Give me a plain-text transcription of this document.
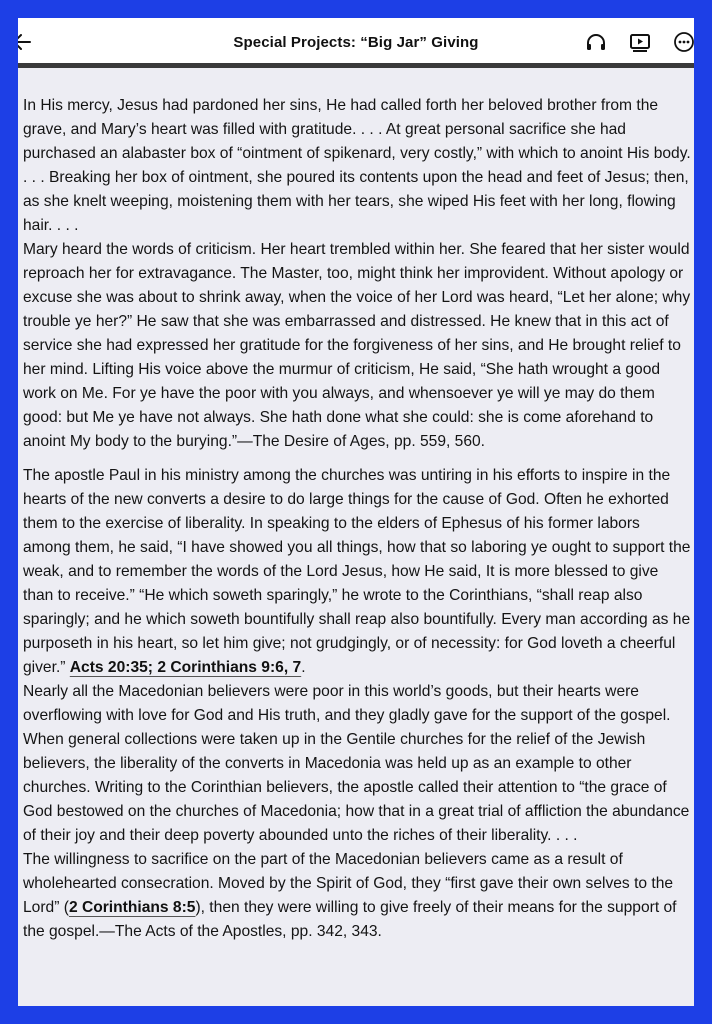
Special Projects: “Big Jar” Giving

In His mercy, Jesus had pardoned her sins, He had called forth her beloved brother from the grave, and Mary’s heart was filled with gratitude. . . . At great personal sacrifice she had purchased an alabaster box of “ointment of spikenard, very costly,” with which to anoint His body. . . . Breaking her box of ointment, she poured its contents upon the head and feet of Jesus; then, as she knelt weeping, moistening them with her tears, she wiped His feet with her long, flowing hair. . . .

Mary heard the words of criticism. Her heart trembled within her. She feared that her sister would reproach her for extravagance. The Master, too, might think her improvident. Without apology or excuse she was about to shrink away, when the voice of her Lord was heard, “Let her alone; why trouble ye her?” He saw that she was embarrassed and distressed. He knew that in this act of service she had expressed her gratitude for the forgiveness of her sins, and He brought relief to her mind. Lifting His voice above the murmur of criticism, He said, “She hath wrought a good work on Me. For ye have the poor with you always, and whensoever ye will ye may do them good: but Me ye have not always. She hath done what she could: she is come aforehand to anoint My body to the burying.”—The Desire of Ages, pp. 559, 560.

The apostle Paul in his ministry among the churches was untiring in his efforts to inspire in the hearts of the new converts a desire to do large things for the cause of God. Often he exhorted them to the exercise of liberality. In speaking to the elders of Ephesus of his former labors among them, he said, “I have showed you all things, how that so laboring ye ought to support the weak, and to remember the words of the Lord Jesus, how He said, It is more blessed to give than to receive.” “He which soweth sparingly,” he wrote to the Corinthians, “shall reap also sparingly; and he which soweth bountifully shall reap also bountifully. Every man according as he purposeth in his heart, so let him give; not grudgingly, or of necessity: for God loveth a cheerful giver.” Acts 20:35; 2 Corinthians 9:6, 7.

Nearly all the Macedonian believers were poor in this world’s goods, but their hearts were overflowing with love for God and His truth, and they gladly gave for the support of the gospel. When general collections were taken up in the Gentile churches for the relief of the Jewish believers, the liberality of the converts in Macedonia was held up as an example to other churches. Writing to the Corinthian believers, the apostle called their attention to “the grace of God bestowed on the churches of Macedonia; how that in a great trial of affliction the abundance of their joy and their deep poverty abounded unto the riches of their liberality. . . .

The willingness to sacrifice on the part of the Macedonian believers came as a result of wholehearted consecration. Moved by the Spirit of God, they “first gave their own selves to the Lord” (2 Corinthians 8:5), then they were willing to give freely of their means for the support of the gospel.—The Acts of the Apostles, pp. 342, 343.
